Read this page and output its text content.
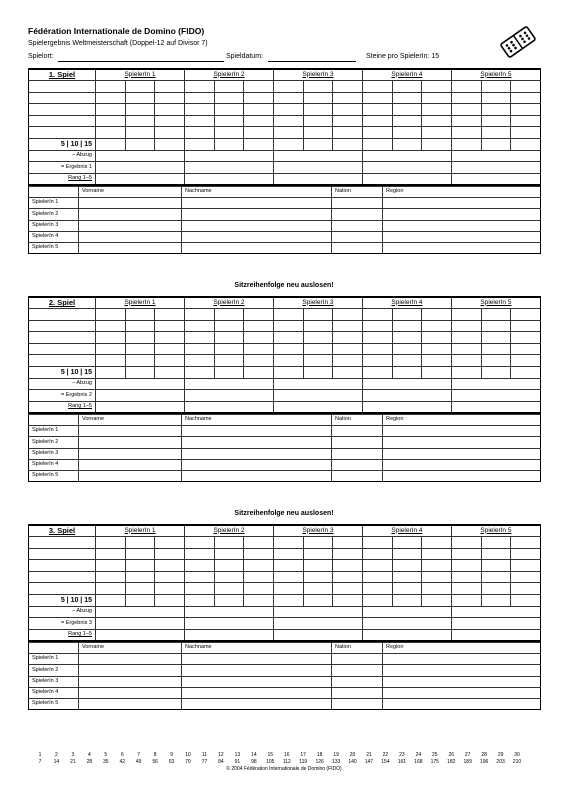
Fédération Internationale de Domino (FIDO)
Spielergebnis Weltmeisterschaft (Doppel-12 auf Divisor 7)
Spielort:	Spieldatum:	Steine pro SpielerIn: 15
Sitzreihenfolge neu auslosen!
Sitzreihenfolge neu auslosen!
1	2	3	4	5	6	7	8	9	10	11	12	13	14	15	16	17	18	19	20	21	22	23	24	25	26	27	28	29	30
7	14	21	28	35	42	49	56	63	70	77	84	91	98	105	112	119	126	133	140	147	154	161	168	175	182	189	196	203	210
© 2004 Fédération Internationale de Domino (FIDO)
1. Spiel	SpielerIn 1			SpielerIn 2			SpielerIn 3			SpielerIn 4			SpielerIn 5		

5 | 10 | 15															
– Abzug															
= Ergebnis 1															
Rang 1–5															
	Vorname	Nachname	Nation	Region
SpielerIn 1				
SpielerIn 2				
SpielerIn 3				
SpielerIn 4				
SpielerIn 5				
2. Spiel	SpielerIn 1			SpielerIn 2			SpielerIn 3			SpielerIn 4			SpielerIn 5		

5 | 10 | 15															
– Abzug															
= Ergebnis 2															
Rang 1–5															
	Vorname	Nachname	Nation	Region
SpielerIn 1				
SpielerIn 2				
SpielerIn 3				
SpielerIn 4				
SpielerIn 5				
3. Spiel	SpielerIn 1			SpielerIn 2			SpielerIn 3			SpielerIn 4			SpielerIn 5		

5 | 10 | 15															
– Abzug															
= Ergebnis 3															
Rang 1–5															
	Vorname	Nachname	Nation	Region
SpielerIn 1				
SpielerIn 2				
SpielerIn 3				
SpielerIn 4				
SpielerIn 5				
